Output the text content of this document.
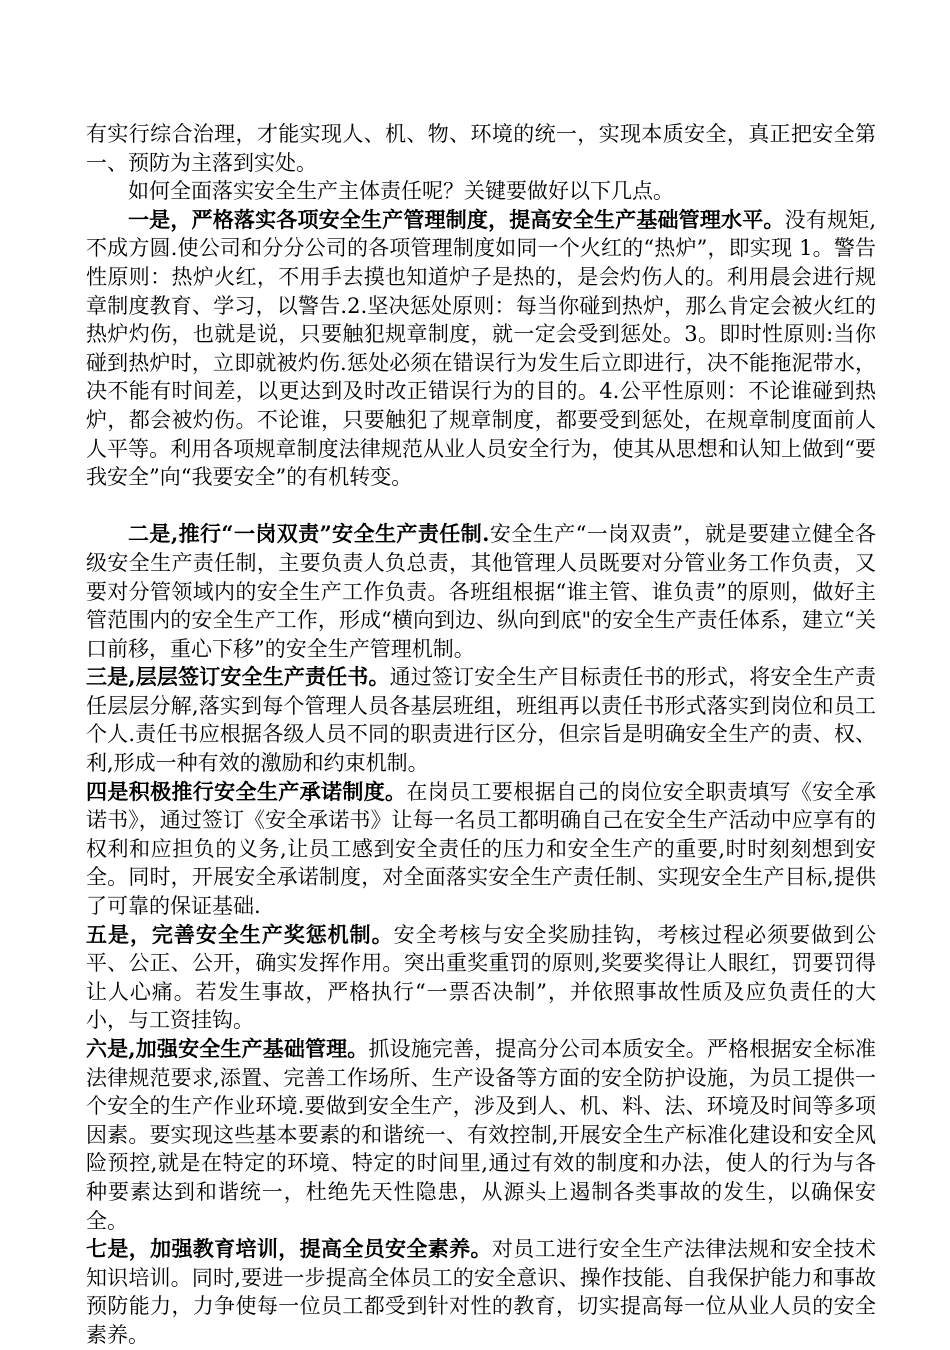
有实行综合治理，才能实现人、机、物、环境的统一，实现本质安全，真正把安全第一、预防为主落到实处。

如何全面落实安全生产主体责任呢？关键要做好以下几点。

一是，严格落实各项安全生产管理制度，提高安全生产基础管理水平。没有规矩,不成方圆.使公司和分分公司的各项管理制度如同一个火红的“热炉”，即实现 1。警告性原则：热炉火红，不用手去摸也知道炉子是热的，是会灼伤人的。利用晨会进行规章制度教育、学习，以警告.2.坚决惩处原则：每当你碰到热炉，那么肯定会被火红的热炉灼伤，也就是说，只要触犯规章制度，就一定会受到惩处。3。即时性原则:当你碰到热炉时，立即就被灼伤.惩处必须在错误行为发生后立即进行，决不能拖泥带水，决不能有时间差，以更达到及时改正错误行为的目的。4.公平性原则：不论谁碰到热炉，都会被灼伤。不论谁，只要触犯了规章制度，都要受到惩处，在规章制度面前人人平等。利用各项规章制度法律规范从业人员安全行为，使其从思想和认知上做到“要我安全”向“我要安全”的有机转变。

二是,推行“一岗双责”安全生产责任制.安全生产“一岗双责”，就是要建立健全各级安全生产责任制，主要负责人负总责，其他管理人员既要对分管业务工作负责，又要对分管领域内的安全生产工作负责。各班组根据“谁主管、谁负责”的原则，做好主管范围内的安全生产工作，形成“横向到边、纵向到底"的安全生产责任体系，建立“关口前移，重心下移”的安全生产管理机制。

三是,层层签订安全生产责任书。通过签订安全生产目标责任书的形式，将安全生产责任层层分解,落实到每个管理人员各基层班组，班组再以责任书形式落实到岗位和员工个人.责任书应根据各级人员不同的职责进行区分，但宗旨是明确安全生产的责、权、利,形成一种有效的激励和约束机制。

四是积极推行安全生产承诺制度。在岗员工要根据自己的岗位安全职责填写《安全承诺书》，通过签订《安全承诺书》让每一名员工都明确自己在安全生产活动中应享有的权利和应担负的义务,让员工感到安全责任的压力和安全生产的重要,时时刻刻想到安全。同时，开展安全承诺制度，对全面落实安全生产责任制、实现安全生产目标,提供了可靠的保证基础.

五是，完善安全生产奖惩机制。安全考核与安全奖励挂钩，考核过程必须要做到公平、公正、公开，确实发挥作用。突出重奖重罚的原则,奖要奖得让人眼红，罚要罚得让人心痛。若发生事故，严格执行“一票否决制”，并依照事故性质及应负责任的大小，与工资挂钩。

六是,加强安全生产基础管理。抓设施完善，提高分公司本质安全。严格根据安全标准法律规范要求,添置、完善工作场所、生产设备等方面的安全防护设施，为员工提供一个安全的生产作业环境.要做到安全生产，涉及到人、机、料、法、环境及时间等多项因素。要实现这些基本要素的和谐统一、有效控制,开展安全生产标准化建设和安全风险预控,就是在特定的环境、特定的时间里,通过有效的制度和办法，使人的行为与各种要素达到和谐统一，杜绝先天性隐患，从源头上遏制各类事故的发生，以确保安全。

七是，加强教育培训，提高全员安全素养。对员工进行安全生产法律法规和安全技术知识培训。同时,要进一步提高全体员工的安全意识、操作技能、自我保护能力和事故预防能力，力争使每一位员工都受到针对性的教育，切实提高每一位从业人员的安全素养。
